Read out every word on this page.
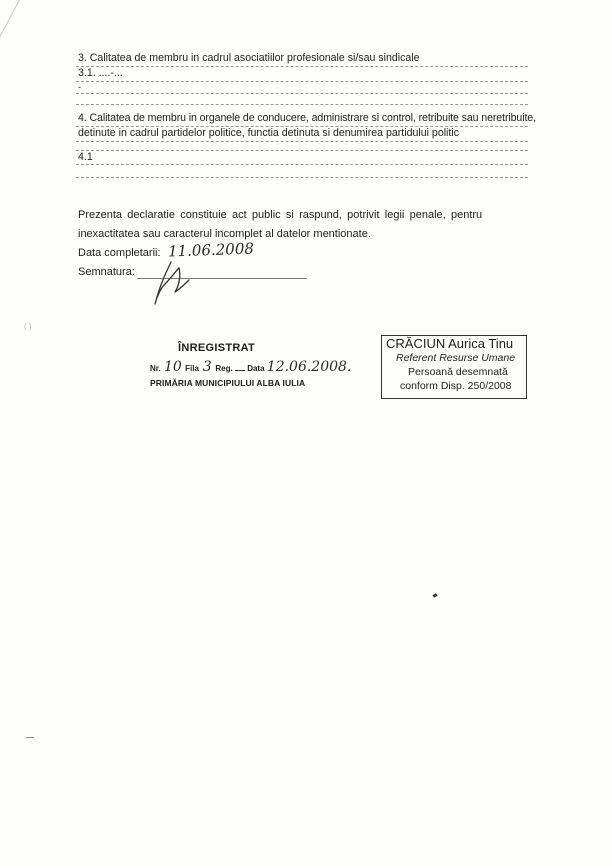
3. Calitatea de membru in cadrul asociatiilor profesionale si/sau sindicale
3.1. ....-...
-
4. Calitatea de membru in organele de conducere, administrare si control, retribuite sau neretribuite,
detinute in cadrul partidelor politice, functia detinuta si denumirea partidului politic
4.1
Prezenta declaratie constituie act public si raspund, potrivit legii penale, pentru
inexactitatea sau caracterul incomplet al datelor mentionate.
Data completarii: 11.06.2008
Semnatura:
( )
ÎNREGISTRAT
Nr. 10 Fila 3 Reg. Data 12.06.2008.
PRIMĂRIA MUNICIPIULUI ALBA IULIA
CRĂCIUN Aurica Tinu
Referent Resurse Umane
Persoană desemnată
conform Disp. 250/2008
